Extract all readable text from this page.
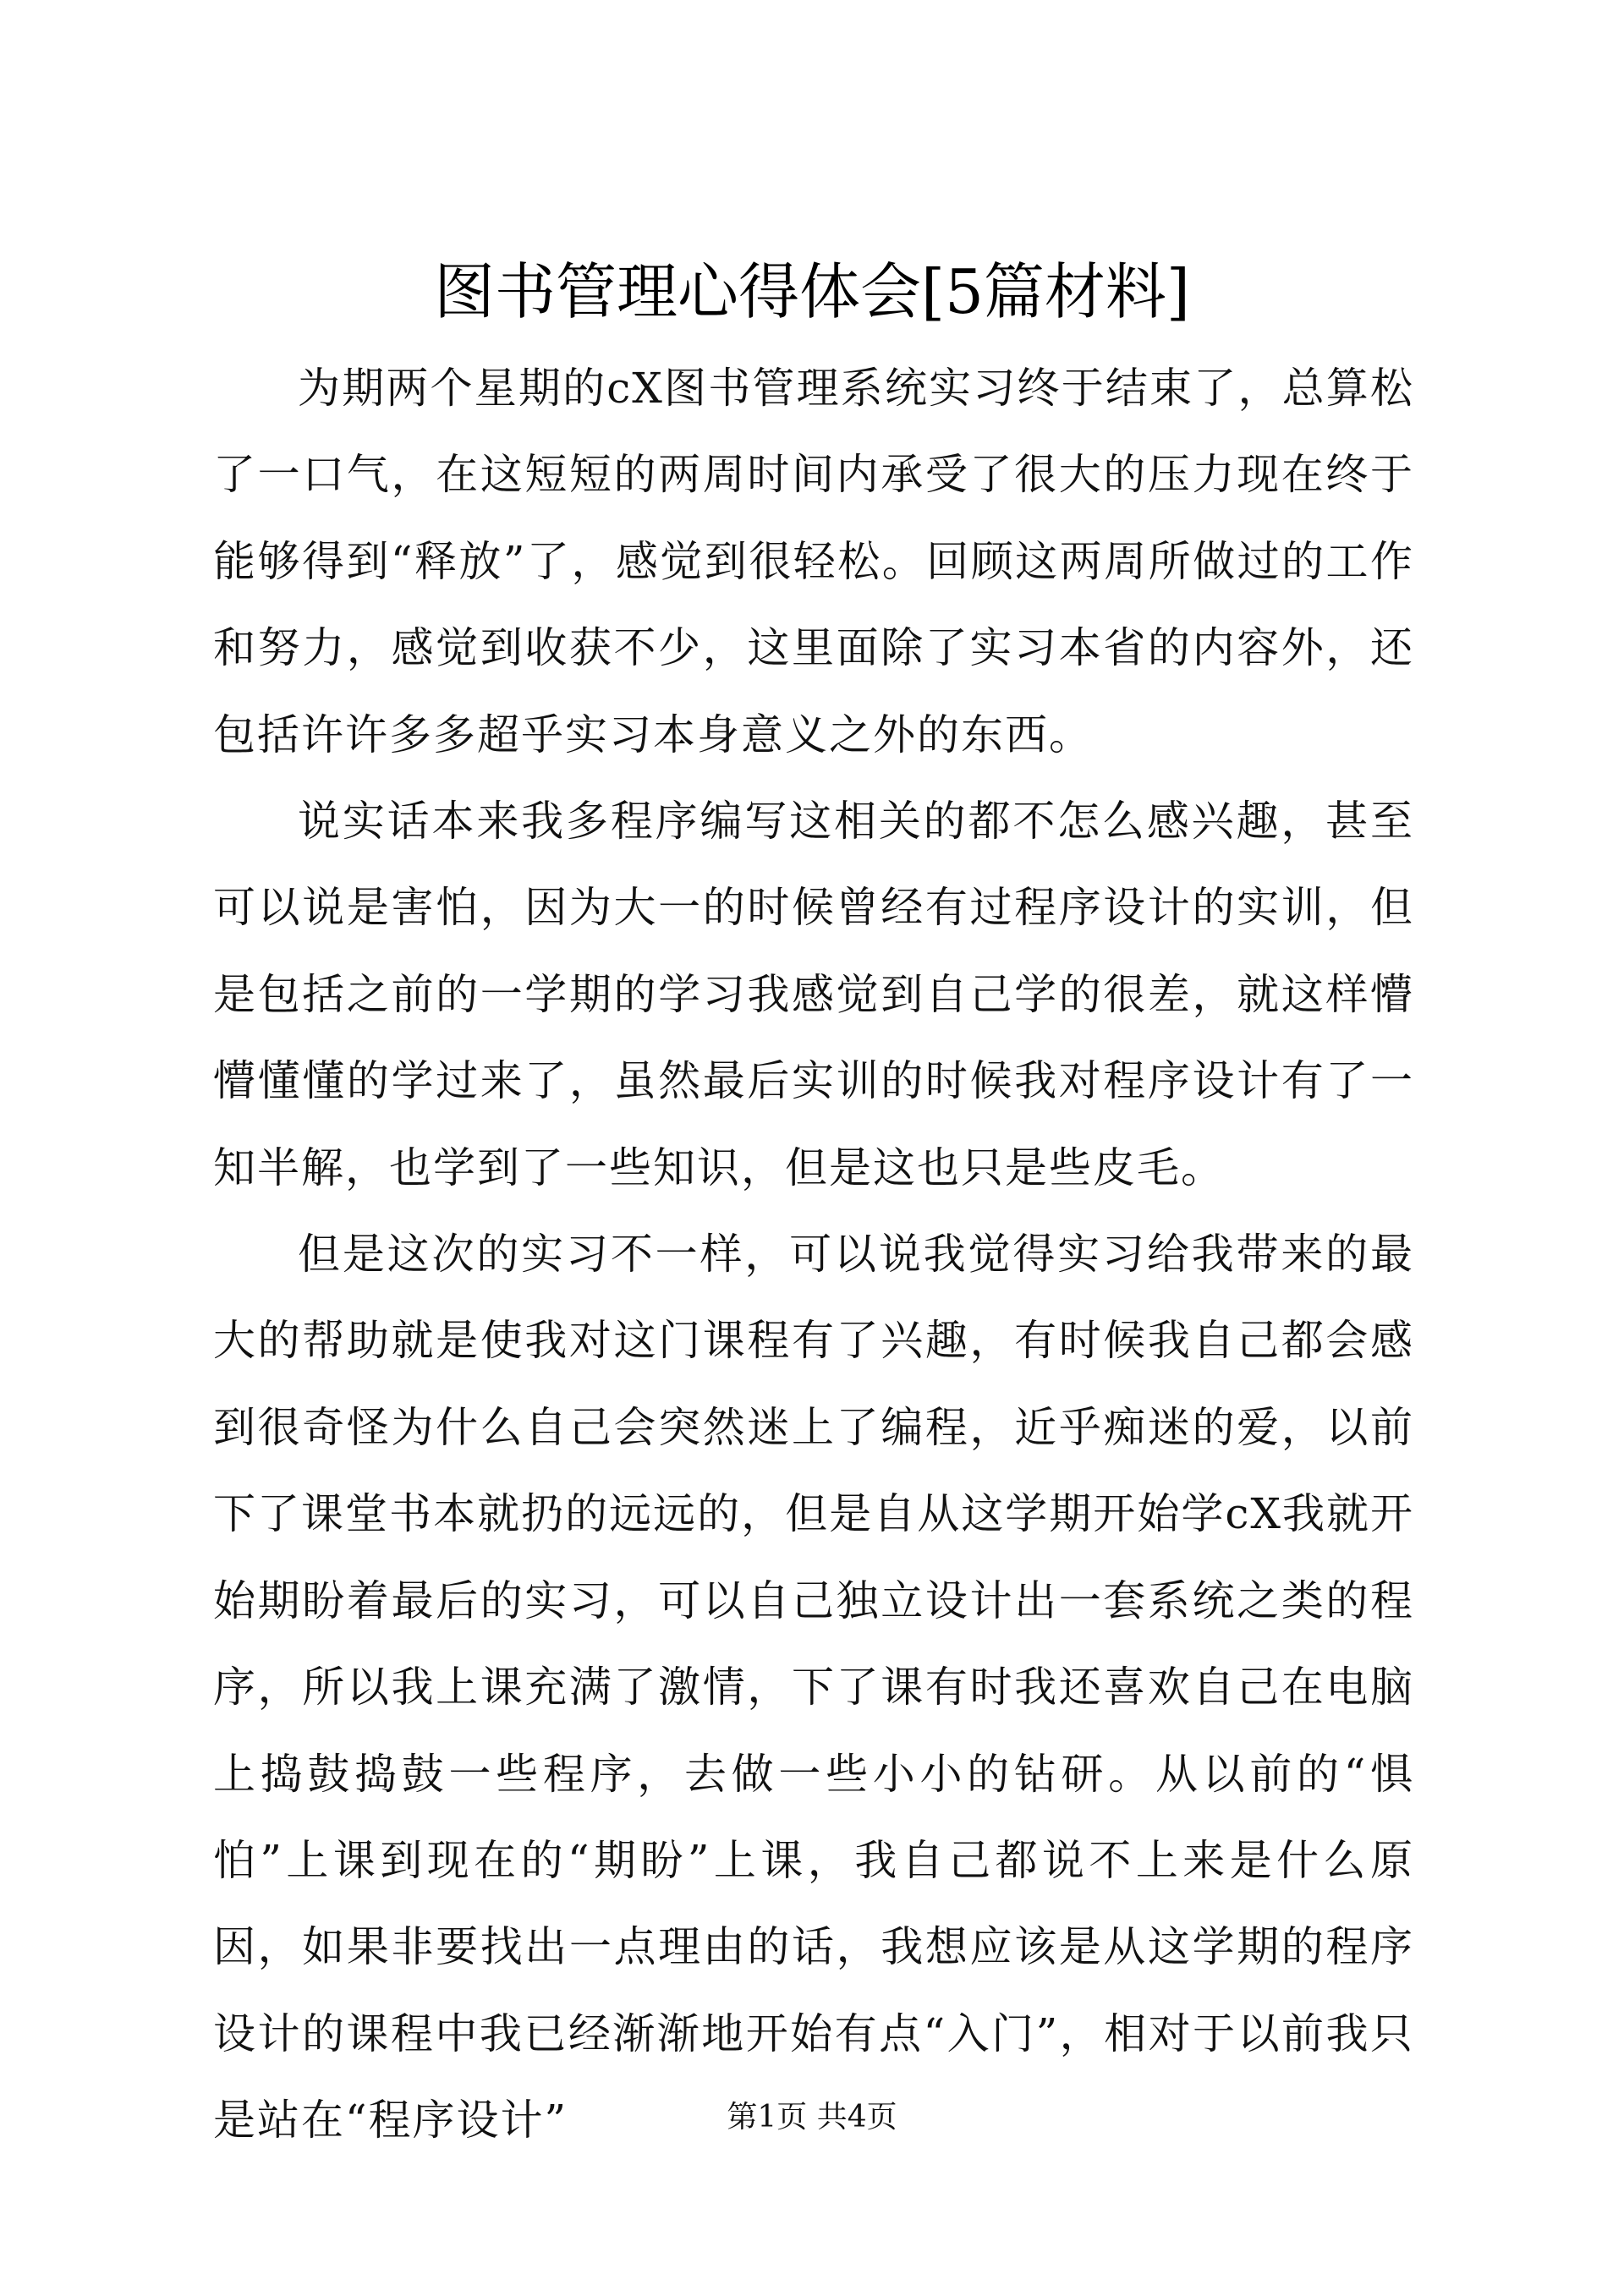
图书管理心得体会[5篇材料]

为期两个星期的cX图书管理系统实习终于结束了，总算松了一口气，在这短短的两周时间内承受了很大的压力现在终于能够得到“释放”了，感觉到很轻松。回顾这两周所做过的工作和努力，感觉到收获不少，这里面除了实习本省的内容外，还包括许许多多超乎实习本身意义之外的东西。

说实话本来我多程序编写这相关的都不怎么感兴趣，甚至可以说是害怕，因为大一的时候曾经有过程序设计的实训，但是包括之前的一学期的学习我感觉到自己学的很差，就这样懵懵懂懂的学过来了，虽然最后实训的时候我对程序设计有了一知半解，也学到了一些知识，但是这也只是些皮毛。

但是这次的实习不一样，可以说我觉得实习给我带来的最大的帮助就是使我对这门课程有了兴趣，有时候我自己都会感到很奇怪为什么自己会突然迷上了编程，近乎痴迷的爱，以前下了课堂书本就扔的远远的，但是自从这学期开始学cX我就开始期盼着最后的实习，可以自己独立设计出一套系统之类的程序，所以我上课充满了激情，下了课有时我还喜欢自己在电脑上捣鼓捣鼓一些程序，去做一些小小的钻研。从以前的“惧怕”上课到现在的“期盼”上课，我自己都说不上来是什么原因，如果非要找出一点理由的话，我想应该是从这学期的程序设计的课程中我已经渐渐地开始有点“入门”，相对于以前我只是站在“程序设计”	第1页 共4页
